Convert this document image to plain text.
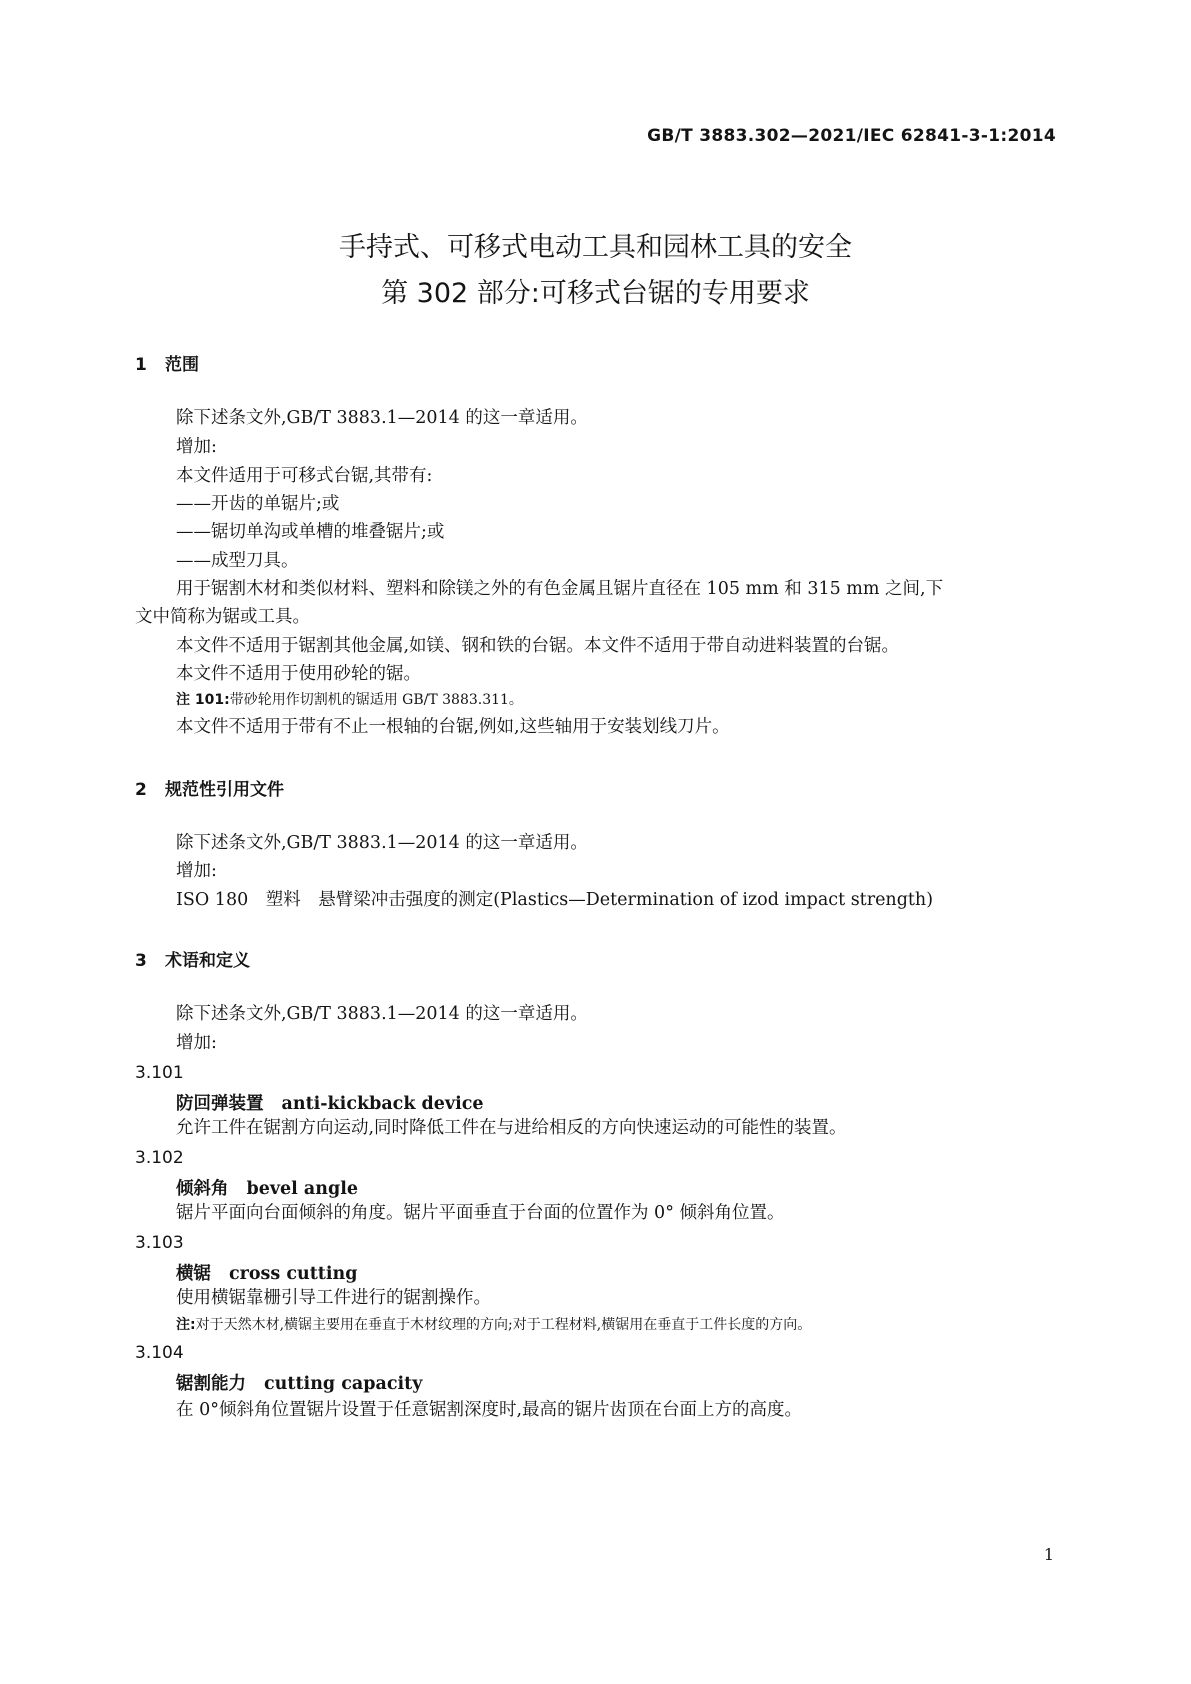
GB/T 3883.302—2021/IEC 62841-3-1:2014
手持式、可移式电动工具和园林工具的安全
第 302 部分:可移式台锯的专用要求
1 范围
除下述条文外,GB/T 3883.1—2014 的这一章适用。
增加:
本文件适用于可移式台锯,其带有:
——开齿的单锯片;或
——锯切单沟或单槽的堆叠锯片;或
——成型刀具。
用于锯割木材和类似材料、塑料和除镁之外的有色金属且锯片直径在 105 mm 和 315 mm 之间,下
文中简称为锯或工具。
本文件不适用于锯割其他金属,如镁、钢和铁的台锯。本文件不适用于带自动进料装置的台锯。
本文件不适用于使用砂轮的锯。
注 101:带砂轮用作切割机的锯适用 GB/T 3883.311。
本文件不适用于带有不止一根轴的台锯,例如,这些轴用于安装划线刀片。
2 规范性引用文件
除下述条文外,GB/T 3883.1—2014 的这一章适用。
增加:
ISO 180　塑料　悬臂梁冲击强度的测定(Plastics—Determination of izod impact strength)
3 术语和定义
除下述条文外,GB/T 3883.1—2014 的这一章适用。
增加:
3.101
防回弹装置 anti-kickback device
允许工件在锯割方向运动,同时降低工件在与进给相反的方向快速运动的可能性的装置。
3.102
倾斜角 bevel angle
锯片平面向台面倾斜的角度。锯片平面垂直于台面的位置作为 0° 倾斜角位置。
3.103
横锯 cross cutting
使用横锯靠栅引导工件进行的锯割操作。
注:对于天然木材,横锯主要用在垂直于木材纹理的方向;对于工程材料,横锯用在垂直于工件长度的方向。
3.104
锯割能力 cutting capacity
在 0°倾斜角位置锯片设置于任意锯割深度时,最高的锯片齿顶在台面上方的高度。
1
